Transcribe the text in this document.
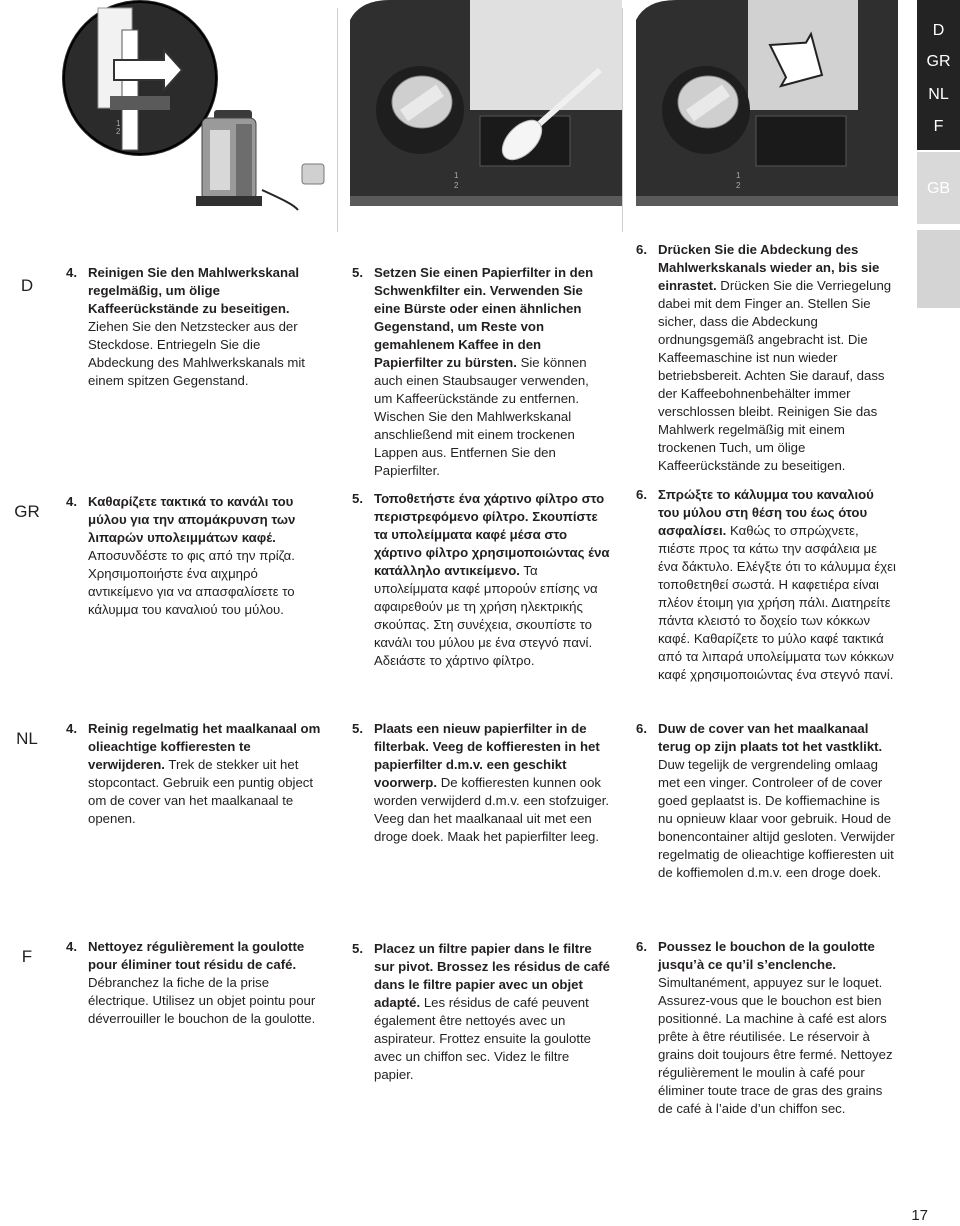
1
2
1
2
1
2
D
GR
NL
F
GB
D
GR
NL
F
4. Reinigen Sie den Mahlwerkskanal regelmäßig, um ölige Kaffeerückstände zu beseitigen. Ziehen Sie den Netzstecker aus der Steckdose. Entriegeln Sie die Abdeckung des Mahlwerkskanals mit einem spitzen Gegenstand.
5. Setzen Sie einen Papierfilter in den Schwenkfilter ein. Verwenden Sie eine Bürste oder einen ähnlichen Gegenstand, um Reste von gemahlenem Kaffee in den Papierfilter zu bürsten. Sie können auch einen Staubsauger verwenden, um Kaffeerückstände zu entfernen. Wischen Sie den Mahlwerkskanal anschließend mit einem trockenen Lappen aus. Entfernen Sie den Papierfilter.
6. Drücken Sie die Abdeckung des Mahlwerkskanals wieder an, bis sie einrastet. Drücken Sie die Verriegelung dabei mit dem Finger an. Stellen Sie sicher, dass die Abdeckung ordnungsgemäß angebracht ist. Die Kaffeemaschine ist nun wieder betriebsbereit. Achten Sie darauf, dass der Kaffeebohnenbehälter immer verschlossen bleibt. Reinigen Sie das Mahlwerk regelmäßig mit einem trockenen Tuch, um ölige Kaffeerückstände zu beseitigen.
4. Καθαρίζετε τακτικά το κανάλι του μύλου για την απομάκρυνση των λιπαρών υπολειμμάτων καφέ. Αποσυνδέστε το φις από την πρίζα. Χρησιμοποιήστε ένα αιχμηρό αντικείμενο για να απασφαλίσετε το κάλυμμα του καναλιού του μύλου.
5. Τοποθετήστε ένα χάρτινο φίλτρο στο περιστρεφόμενο φίλτρο. Σκουπίστε τα υπολείμματα καφέ μέσα στο χάρτινο φίλτρο χρησιμοποιώντας ένα κατάλληλο αντικείμενο. Τα υπολείμματα καφέ μπορούν επίσης να αφαιρεθούν με τη χρήση ηλεκτρικής σκούπας. Στη συνέχεια, σκουπίστε το κανάλι του μύλου με ένα στεγνό πανί. Αδειάστε το χάρτινο φίλτρο.
6. Σπρώξτε το κάλυμμα του καναλιού του μύλου στη θέση του έως ότου ασφαλίσει. Καθώς το σπρώχνετε, πιέστε προς τα κάτω την ασφάλεια με ένα δάκτυλο. Ελέγξτε ότι το κάλυμμα έχει τοποθετηθεί σωστά. Η καφετιέρα είναι πλέον έτοιμη για χρήση πάλι. Διατηρείτε πάντα κλειστό το δοχείο των κόκκων καφέ. Καθαρίζετε το μύλο καφέ τακτικά από τα λιπαρά υπολείμματα των κόκκων καφέ χρησιμοποιώντας ένα στεγνό πανί.
4. Reinig regelmatig het maalkanaal om olieachtige koffieresten te verwijderen. Trek de stekker uit het stopcontact. Gebruik een puntig object om de cover van het maalkanaal te openen.
5. Plaats een nieuw papierfilter in de filterbak. Veeg de koffieresten in het papierfilter d.m.v. een geschikt voorwerp. De koffieresten kunnen ook worden verwijderd d.m.v. een stofzuiger. Veeg dan het maalkanaal uit met een droge doek. Maak het papierfilter leeg.
6. Duw de cover van het maalkanaal terug op zijn plaats tot het vastklikt. Duw tegelijk de vergrendeling omlaag met een vinger. Controleer of de cover goed geplaatst is. De koffiemachine is nu opnieuw klaar voor gebruik. Houd de bonencontainer altijd gesloten. Verwijder regelmatig de olieachtige koffieresten uit de koffiemolen d.m.v. een droge doek.
4. Nettoyez régulièrement la goulotte pour éliminer tout résidu de café. Débranchez la fiche de la prise électrique. Utilisez un objet pointu pour déverrouiller le bouchon de la goulotte.
5. Placez un filtre papier dans le filtre sur pivot. Brossez les résidus de café dans le filtre papier avec un objet adapté. Les résidus de café peuvent également être nettoyés avec un aspirateur. Frottez ensuite la goulotte avec un chiffon sec. Videz le filtre papier.
6. Poussez le bouchon de la goulotte jusqu’à ce qu’il s’enclenche. Simultanément, appuyez sur le loquet. Assurez-vous que le bouchon est bien positionné. La machine à café est alors prête à être réutilisée. Le réservoir à grains doit toujours être fermé. Nettoyez régulièrement le moulin à café pour éliminer toute trace de gras des grains de café à l’aide d’un chiffon sec.
17
